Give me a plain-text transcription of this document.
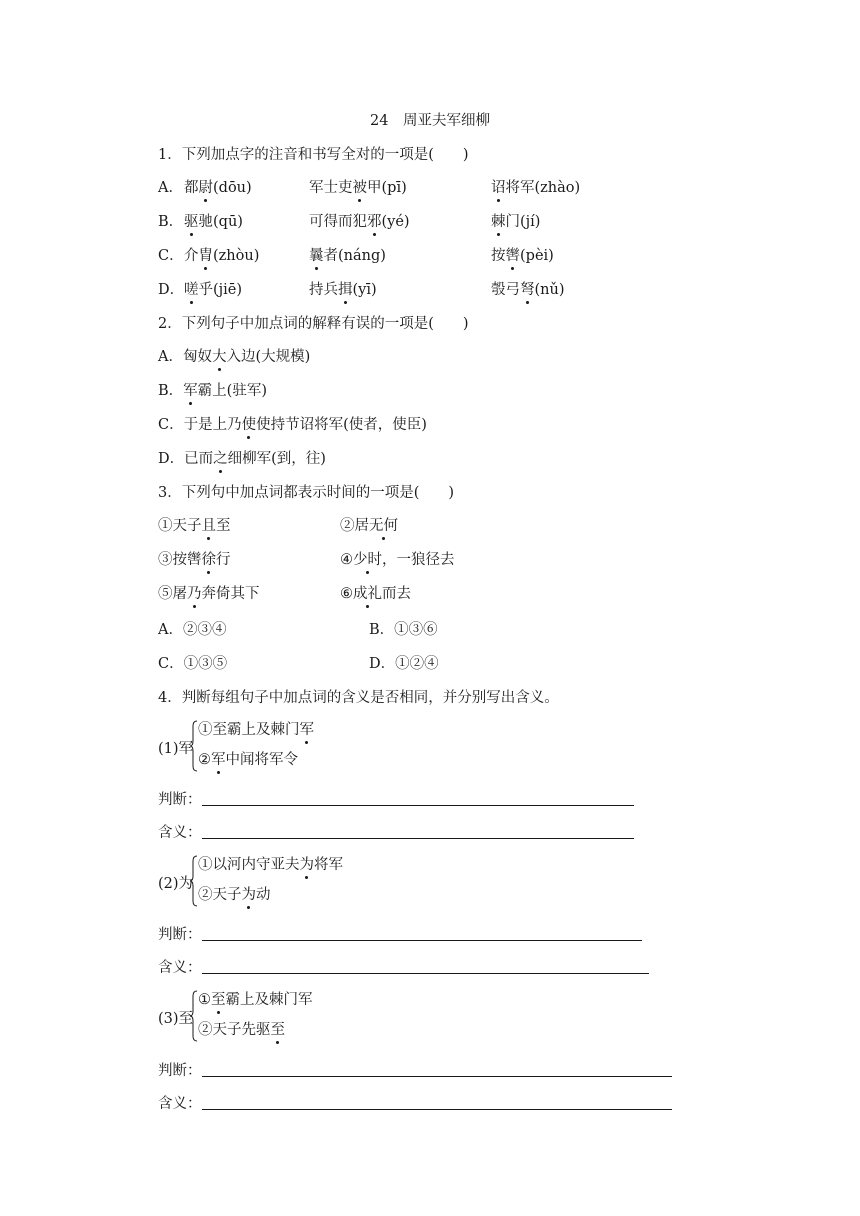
24　周亚夫军细柳
1．下列加点字的注音和书写全对的一项是(　　)
A． 都尉(dōu)	军士吏被甲(pī)	诏将军(zhào)
B． 驱驰(qū)	可得而犯邪(yé)	棘门(jí)
C． 介胄(zhòu)	曩者(náng)	按辔(pèi)
D． 嗟乎(jiē)	持兵揖(yī)	彀弓弩(nǔ)
2．下列句子中加点词的解释有误的一项是(　　)
A．匈奴大入边(大规模)
B．军霸上(驻军)
C．于是上乃使使持节诏将军(使者，使臣)
D．已而之细柳军(到，往)
3．下列句中加点词都表示时间的一项是(　　)
①天子且至	②居无何
③按辔徐行	④少时，一狼径去
⑤屠乃奔倚其下	⑥成礼而去
A．②③④	B．①③⑥
C．①③⑤	D．①②④
4．判断每组句子中加点词的含义是否相同，并分别写出含义。
(1)军
①至霸上及棘门军
②军中闻将军令
判断：
含义：
(2)为
①以河内守亚夫为将军
②天子为动
判断：
含义：
(3)至
①至霸上及棘门军
②天子先驱至
判断：
含义：
